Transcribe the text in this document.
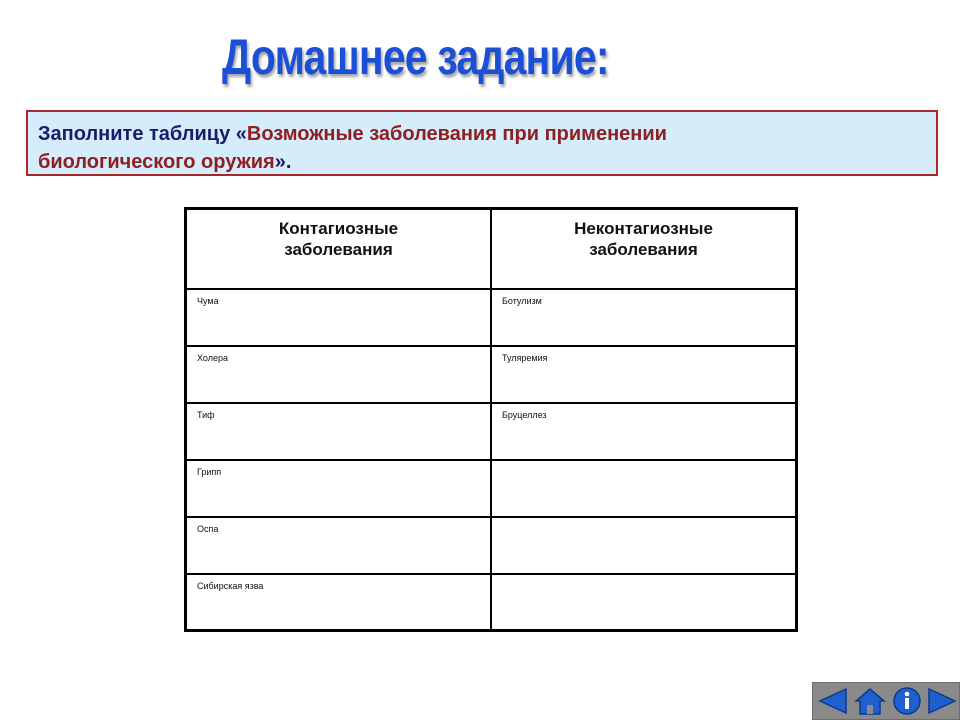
Домашнее задание:
Заполните таблицу «Возможные заболевания при применении
биологического оружия».
Контагиозные заболевания	Неконтагиозные заболевания
Чума	Ботулизм
Холера	Туляремия
Тиф	Бруцеллез
Грипп	
Оспа	
Сибирская язва	
